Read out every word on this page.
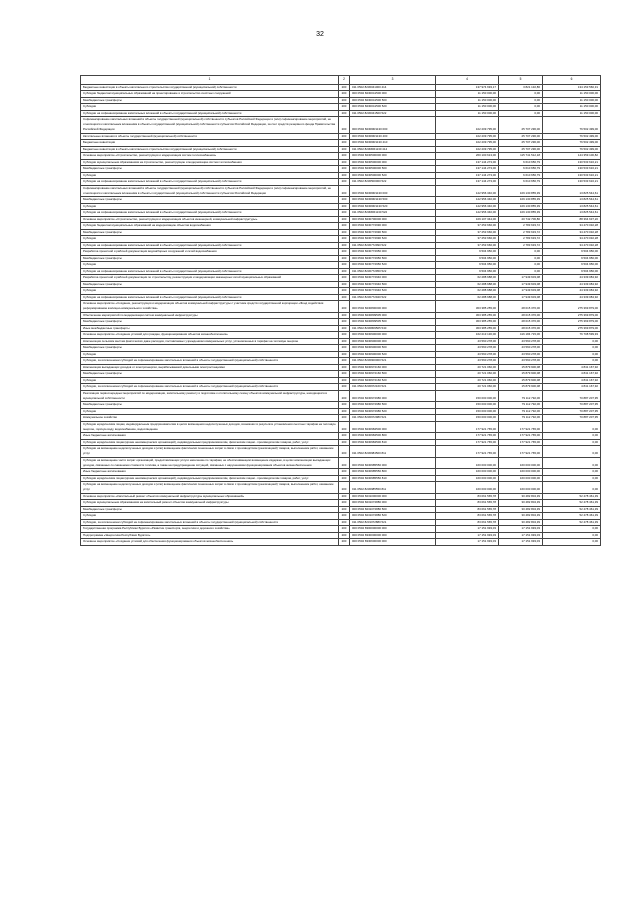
32
1	2	3	4	5	6
Бюджетные инвестиции в объекты капитального строительства государственной (муниципальной) собственности	200	011 0502 8230041000 414	137 974 693,17	3 821 132,86	134 153 560,31
Субсидии бюджетам муниципальных образований на проектирование и строительство очистных сооружений	200	000 0502 8230041500 000	11 150 000,00	0,00	11 150 000,00
Межбюджетные трансферты	200	000 0502 8230041500 500	11 150 000,00	0,00	11 150 000,00
Субсидии	200	000 0502 8230041500 520	11 150 000,00	0,00	11 150 000,00
Субсидии на софинансирование капитальных вложений в объекты государственной (муниципальной) собственности	200	011 0502 8230041500 522	11 150 000,00	0,00	11 150 000,00
Софинансирование капитальных вложений в объекты государственной (муниципальной) собственности субъектов Российской Федерации и (или) софинансирование мероприятий, не относящихся к капитальным вложениям в объекты государственной (муниципальной) собственности субъектов Российской Федерации, за счет средств резервного фонда Правительства Российской Федерации	200	000 0502 823R0R1130 000	102 209 795,00	25 707 296,00	76 502 499,00
Капитальные вложения в объекты государственной (муниципальной) собственности	200	000 0502 823R0R1130 400	102 209 795,00	25 707 296,00	76 502 499,00
Бюджетные инвестиции	200	000 0502 823R0R1130 410	102 209 795,00	25 707 296,00	76 502 499,00
Бюджетные инвестиции в объекты капитального строительства государственной (муниципальной) собственности	200	011 0502 823R0R1130 414	102 209 795,00	25 707 296,00	76 502 499,00
Основное мероприятие «Строительство, реконструкция и модернизация систем теплоснабжения»	200	000 0502 8230500000 000	260 100 613,00	115 741 512,18	144 359 100,82
Субсидии муниципальным образованиям на строительство, реконструкцию и модернизацию систем теплоснабжения	200	000 0502 8230500000 000	137 144 273,00	6 610 656,79	130 533 616,21
Межбюджетные трансферты	200	000 0502 8230500000 500	137 144 273,00	6 610 656,79	130 533 616,21
Субсидии	200	000 0502 8230500000 520	137 144 273,00	6 610 656,79	130 533 616,21
Субсидии на софинансирование капитальных вложений в объекты государственной (муниципальной) собственности	200	011 0502 8230500000 522	137 144 273,00	6 610 656,79	130 533 616,21
Софинансирование капитальных вложений в объекты государственной (муниципальной) собственности субъектов Российской Федерации и (или) софинансирование мероприятий, не относящихся к капитальным вложениям в объекты государственной (муниципальной) собственности субъектов Российской Федерации	200	000 0502 823R0R1130 000	122 956 340,00	109 130 855,39	13 825 544,61
Межбюджетные трансферты	200	000 0502 823R0R1130 500	122 956 340,00	109 130 855,39	13 825 544,61
Субсидии	200	000 0502 823R0R1130 520	122 956 340,00	109 130 855,39	13 825 544,61
Субсидии на софинансирование капитальных вложений в объекты государственной (муниципальной) собственности	200	011 0502 823R0R1130 522	122 956 340,00	109 130 855,39	13 825 544,61
Основное мероприятие «Строительство, реконструкция и модернизация объектов инженерной, коммунальной инфраструктуры»	200	000 0502 8230700000 000	109 107 344,00	20 742 706,80	88 364 637,20
Субсидии бюджетам муниципальных образований на модернизацию объектов водоснабжения	200	000 0502 8230772990 000	37 253 666,00	2 783 633,72	34 470 032,28
Межбюджетные трансферты	200	000 0502 8230772990 500	37 253 666,00	2 783 633,72	34 470 032,28
Субсидии	200	000 0502 8230772990 520	37 253 666,00	2 783 633,72	34 470 032,28
Субсидии на софинансирование капитальных вложений в объекты государственной (муниципальной) собственности	200	011 0502 8230772990 522	37 253 666,00	2 783 633,72	34 470 032,28
Разработка проектной и рабочей документации водозаборных сооружений и сетей водоснабжения	200	000 0502 8230772950 000	9 504 950,00	0,00	9 504 950,00
Межбюджетные трансферты	200	000 0502 8230772950 500	9 504 950,00	0,00	9 504 950,00
Субсидии	200	000 0502 8230772950 520	9 504 950,00	0,00	9 504 950,00
Субсидии на софинансирование капитальных вложений в объекты государственной (муниципальной) собственности	200	011 0502 8230772950 522	9 504 950,00	0,00	9 504 950,00
Разработка проектной и рабочей документации по строительству, реконструкции и модернизации инженерных сетей муниципальных образований	200	000 0502 8230772940 000	62 288 688,00	17 949 603,08	44 339 084,92
Межбюджетные трансферты	200	000 0502 8230772940 500	62 288 688,00	17 949 603,08	44 339 084,92
Субсидии	200	000 0502 8230772940 520	62 288 688,00	17 949 603,08	44 339 084,92
Субсидии на софинансирование капитальных вложений в объекты государственной (муниципальной) собственности	200	011 0502 8230772940 522	62 288 688,00	17 949 603,08	44 339 084,92
Основное мероприятие «Создание, реконструкция и модернизация объектов коммунальной инфраструктуры с участием средств государственной корпорации «Фонд содействия реформированию жилищно-коммунального хозяйства»	200	000 0502 8230800000 000	303 385 255,00	28 015 376,00	275 369 879,00
Обеспечение мероприятий по модернизации систем коммунальной инфраструктуры	200	000 0502 8230809505 000	303 385 255,00	28 015 376,00	275 369 879,00
Межбюджетные трансферты	200	000 0502 8230809505 500	303 385 255,00	28 015 376,00	275 369 879,00
Иные межбюджетные трансферты	200	011 0502 8230809505 540	303 385 255,00	28 015 376,00	275 369 879,00
Основное мероприятие «Создание условий для граждан, функционирования объектов жизнеобеспечения»	200	000 0502 8230900000 000	162 213 130,00	416 184 715,06	76 708 599,93
Компенсация сельским местам фактических даже расходов, поставляемых учреждениям коммунальных услуг, установленных в тарифах на тепловую энергию	200	000 0502 8230900000 000	43 560 278,00	43 560 278,00	0,00
Межбюджетные трансферты	200	000 0502 8230900000 500	43 560 278,00	43 560 278,00	0,00
Субсидии	200	000 0502 8230900000 520	43 560 278,00	43 560 278,00	0,00
Субсидии, за исключением субсидий на софинансирование капитальных вложений в объекты государственной (муниципальной) собственности	200	011 0502 8230900000 521	43 560 278,00	43 560 278,00	0,00
Компенсация выпадающих доходов от электроэнергии, вырабатываемой дизельными электростанциями	200	000 0502 8230972160 000	20 721 060,00	15 879 900,08	4 841 167,92
Межбюджетные трансферты	200	000 0502 8230972160 500	20 721 060,00	15 879 900,08	4 841 167,92
Субсидии	200	000 0502 8230972160 520	20 721 060,00	15 879 900,08	4 841 167,92
Субсидии, за исключением субсидий на софинансирование капитальных вложений в объекты государственной (муниципальной) собственности	200	011 0502 8230972160 521	20 721 060,00	15 879 900,08	4 841 167,92
Реализация первоочередных мероприятий по модернизации, капитальному ремонту и подготовке к отопительному сезону объектов коммунальной инфраструктуры, находящихся в муниципальной собственности	200	000 0502 8230972980 000	150 000 000,00	79 112 792,06	70 887 207,95
Межбюджетные трансферты	200	000 0502 8230972980 500	150 000 000,00	79 112 792,06	70 887 207,95
Субсидии	200	000 0502 8230972980 520	150 000 000,00	79 112 792,06	70 887 207,95
Коммунальное хозяйство	200	011 0502 8230972980 521	150 000 000,00	79 112 792,06	70 887 207,95
Субсидии юридическим лицам, индивидуальным предпринимателям в целях возмещения недополученных доходов, возникших в результате установления льготных тарифов на тепловую энергию, горячую воду, водоснабжение, водоотведение	200	000 0502 8230984500 000	177 921 765,00	177 921 765,00	0,00
Иные бюджетные ассигнования	200	000 0502 8230984500 800	177 921 765,00	177 921 765,00	0,00
Субсидии юридическим лицам (кроме некоммерческих организаций), индивидуальным предпринимателям, физическим лицам - производителям товаров, работ, услуг	200	000 0502 8230984500 810	177 921 765,00	177 921 765,00	0,00
Субсидии на возмещение недополученных доходов и (или) возмещение фактически понесенных затрат в связи с производством (реализацией) товаров, выполнением работ, оказанием услуг	200	011 0502 8230984500 811	177 921 765,00	177 921 765,00	0,00
Субсидии на возмещение части затрат организаций, предоставляющих услуги населению по тарифам, не обеспечивающим возмещение издержек, в целях компенсации выпадающих доходов, связанных со снижением стоимости топлива, а также на предупреждение ситуаций, связанных с нарушениями функционирования объектов жизнеобеспечения	200	000 0502 8230985550 000	160 000 000,00	160 000 000,00	0,00
Иные бюджетные ассигнования	200	000 0502 8230985550 800	160 000 000,00	160 000 000,00	0,00
Субсидии юридическим лицам (кроме некоммерческих организаций), индивидуальным предпринимателям, физическим лицам - производителям товаров, работ, услуг	200	000 0502 8230985550 810	160 000 000,00	160 000 000,00	0,00
Субсидии на возмещение недополученных доходов и (или) возмещение фактически понесенных затрат в связи с производством (реализацией) товаров, выполнением работ, оказанием услуг	200	011 0502 8230985550 811	160 000 000,00	160 000 000,00	0,00
Основное мероприятие «Капитальный ремонт объектов коммунальной инфраструктуры муниципальных образований»	200	000 0502 8231000000 000	83 061 565,78	30 482 804,39	52 478 461,39
Субсидии муниципальным образованиям на капитальный ремонт объектов коммунальной инфраструктуры	200	000 0502 8231072880 000	83 061 565,78	30 482 804,39	52 478 461,39
Межбюджетные трансферты	200	000 0502 8231072880 500	83 061 565,78	30 482 804,39	52 478 461,39
Субсидии	200	000 0502 8231072880 520	83 061 565,78	30 482 804,39	52 478 461,39
Субсидии, за исключением субсидий на софинансирование капитальных вложений в объекты государственной (муниципальной) собственности	200	011 0502 8231072880 521	83 061 565,78	30 482 804,39	52 478 461,39
Государственная программа Республики Бурятия «Развитие транспорта, энергетики и дорожного хозяйства»	200	000 0502 8300000000 000	17 151 993,03	17 151 993,03	0,00
Подпрограмма «Энергетика Республики Бурятия»	200	000 0502 8330000000 000	17 151 993,03	17 151 993,03	0,00
Основное мероприятие «Создание условий для обеспечения функционирования объектов жизнеобеспечения»	200	000 0502 8330600000 000	17 151 993,03	17 151 993,03	0,00
